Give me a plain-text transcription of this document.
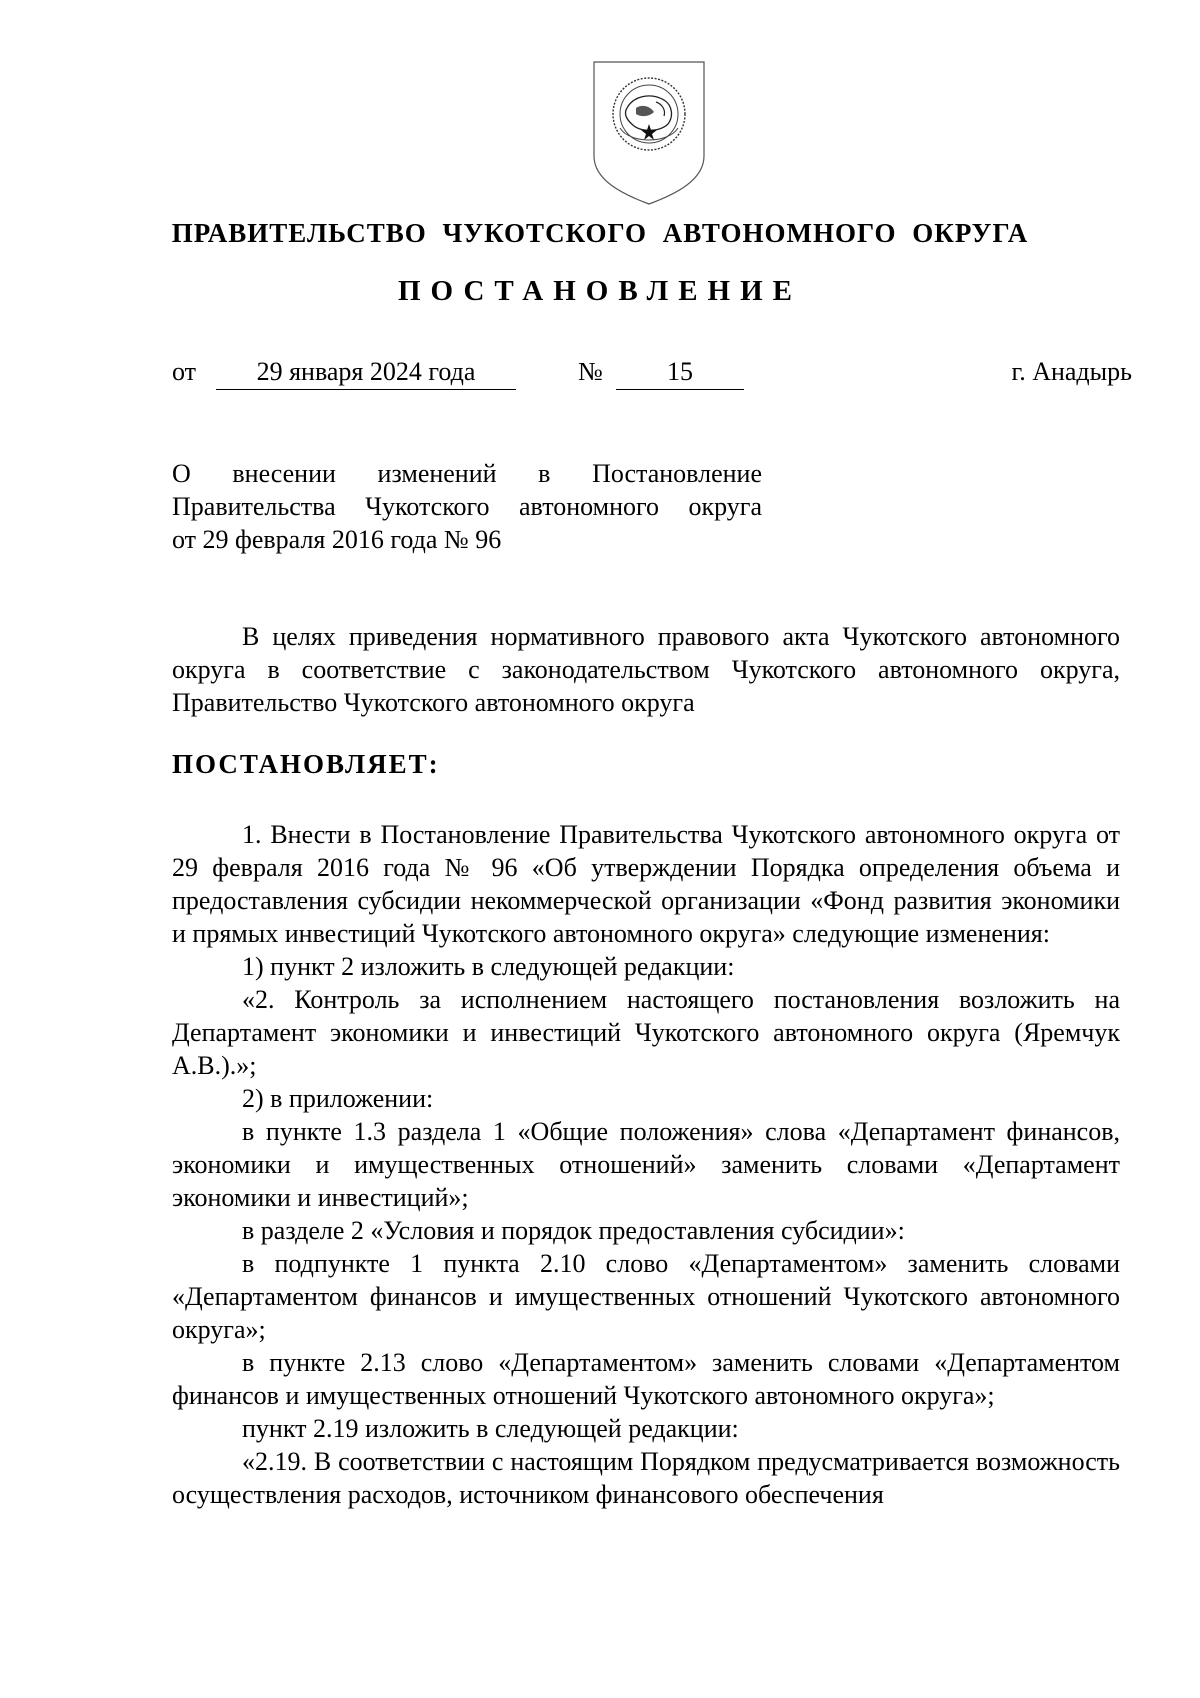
ПРАВИТЕЛЬСТВО ЧУКОТСКОГО АВТОНОМНОГО ОКРУГА
ПОСТАНОВЛЕНИЕ
от	29 января 2024 года	№	15	г. Анадырь
О внесении изменений в Постановление
Правительства Чукотского автономного округа
от 29 февраля 2016 года № 96

В целях приведения нормативного правового акта Чукотского автономного округа в соответствие с законодательством Чукотского автономного округа, Правительство Чукотского автономного округа

ПОСТАНОВЛЯЕТ:

1. Внести в Постановление Правительства Чукотского автономного округа от 29 февраля 2016 года № 96 «Об утверждении Порядка определения объема и предоставления субсидии некоммерческой организации «Фонд развития экономики и прямых инвестиций Чукотского автономного округа» следующие изменения:

1) пункт 2 изложить в следующей редакции:

«2. Контроль за исполнением настоящего постановления возложить на Департамент экономики и инвестиций Чукотского автономного округа (Яремчук А.В.).»;

2) в приложении:

в пункте 1.3 раздела 1 «Общие положения» слова «Департамент финансов, экономики и имущественных отношений» заменить словами «Департамент экономики и инвестиций»;

в разделе 2 «Условия и порядок предоставления субсидии»:

в подпункте 1 пункта 2.10 слово «Департаментом» заменить словами «Департаментом финансов и имущественных отношений Чукотского автономного округа»;

в пункте 2.13 слово «Департаментом» заменить словами «Департаментом финансов и имущественных отношений Чукотского автономного округа»;

пункт 2.19 изложить в следующей редакции:

«2.19. В соответствии с настоящим Порядком предусматривается возможность осуществления расходов, источником финансового обеспечения
